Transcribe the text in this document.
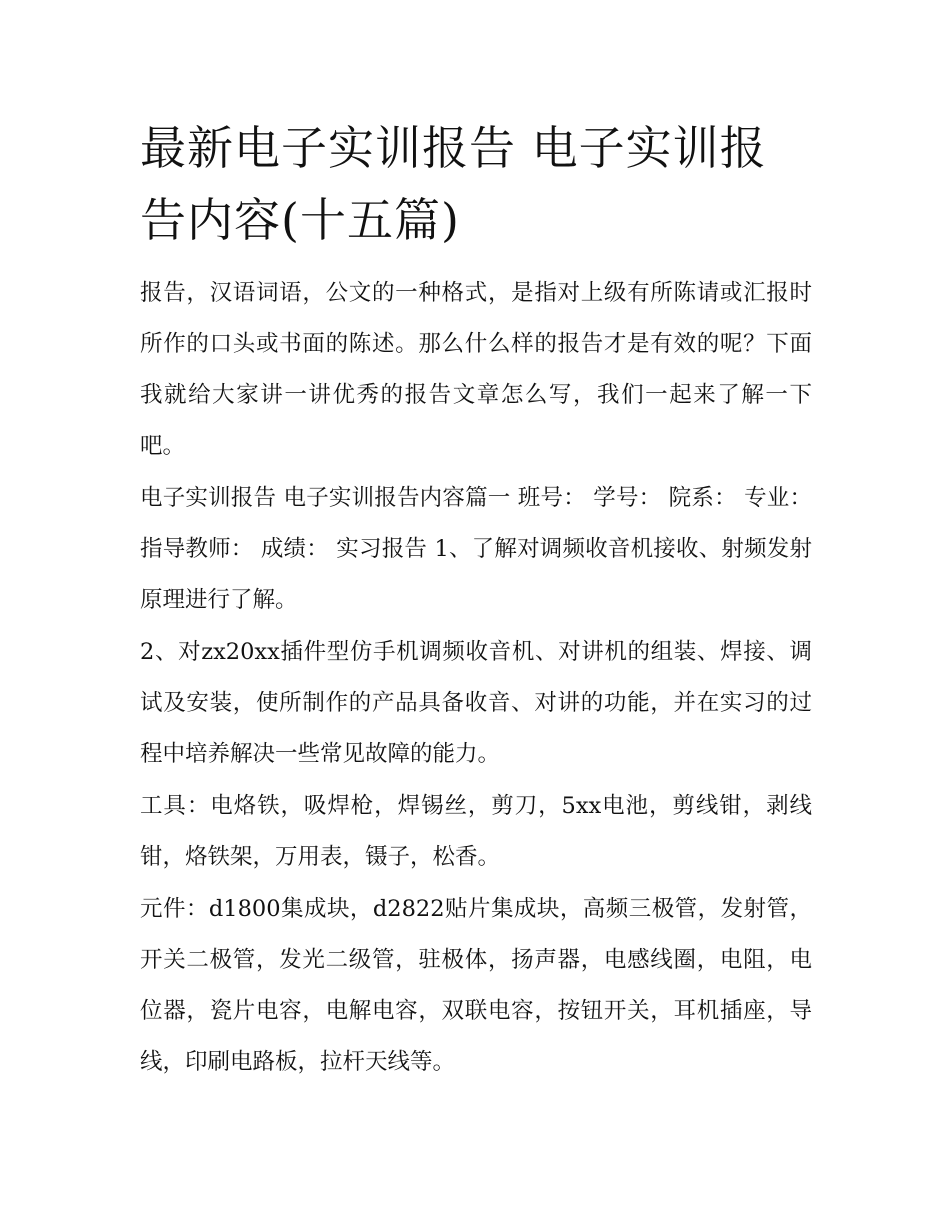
最新电子实训报告 电子实训报告内容(十五篇)

报告，汉语词语，公文的一种格式，是指对上级有所陈请或汇报时所作的口头或书面的陈述。那么什么样的报告才是有效的呢？下面我就给大家讲一讲优秀的报告文章怎么写，我们一起来了解一下吧。

电子实训报告 电子实训报告内容篇一 班号： 学号： 院系： 专业： 指导教师： 成绩： 实习报告 1、了解对调频收音机接收、射频发射原理进行了解。

2、对zx20xx插件型仿手机调频收音机、对讲机的组装、焊接、调试及安装，使所制作的产品具备收音、对讲的功能，并在实习的过程中培养解决一些常见故障的能力。

工具：电烙铁，吸焊枪，焊锡丝，剪刀，5xx电池，剪线钳，剥线钳，烙铁架，万用表，镊子，松香。

元件：d1800集成块，d2822贴片集成块，高频三极管，发射管，开关二极管，发光二级管，驻极体，扬声器，电感线圈，电阻，电位器，瓷片电容，电解电容，双联电容，按钮开关，耳机插座，导线，印刷电路板，拉杆天线等。
